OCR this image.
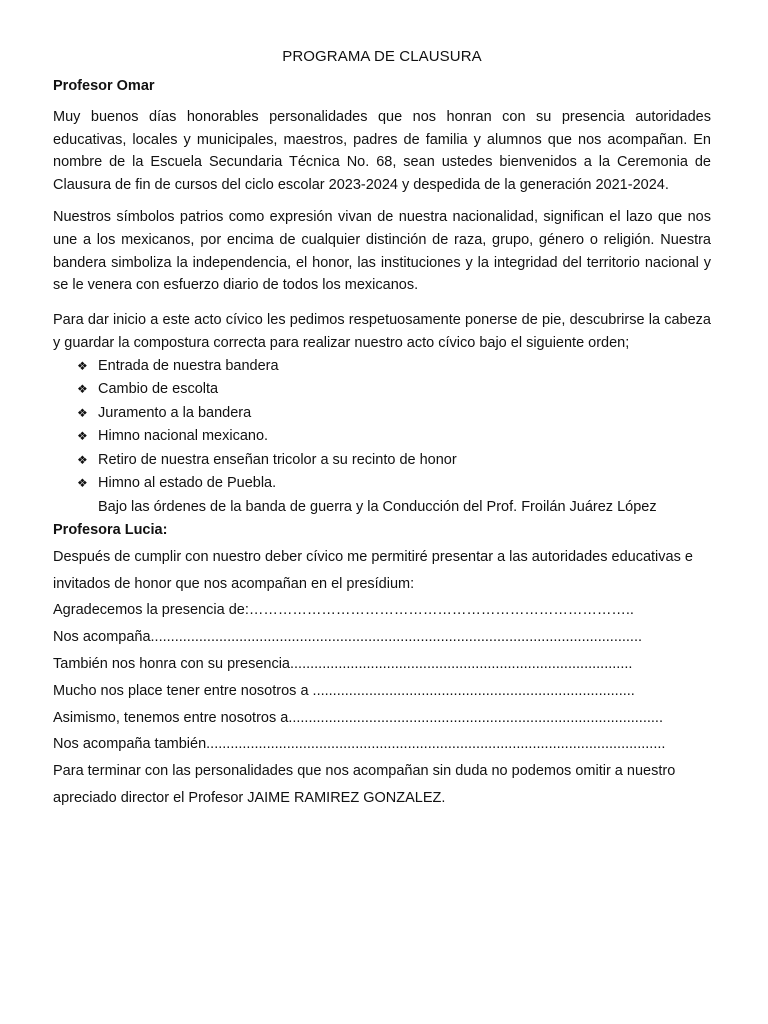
PROGRAMA DE CLAUSURA
Profesor Omar

Muy buenos días honorables personalidades que nos honran con su presencia autoridades educativas, locales y municipales, maestros, padres de familia y alumnos que nos acompañan. En nombre de la Escuela Secundaria Técnica No. 68, sean ustedes bienvenidos a la Ceremonia de Clausura de fin de cursos del ciclo escolar 2023-2024 y despedida de la generación 2021-2024.

Nuestros símbolos patrios como expresión vivan de nuestra nacionalidad, significan el lazo que nos une a los mexicanos, por encima de cualquier distinción de raza, grupo, género o religión. Nuestra bandera simboliza la independencia, el honor, las instituciones y la integridad del territorio nacional y se le venera con esfuerzo diario de todos los mexicanos.

Para dar inicio a este acto cívico les pedimos respetuosamente ponerse de pie, descubrirse la cabeza y guardar la compostura correcta para realizar nuestro acto cívico bajo el siguiente orden;

❖ Entrada de nuestra bandera
❖ Cambio de escolta
❖ Juramento a la bandera
❖ Himno nacional mexicano.
❖ Retiro de nuestra enseñan tricolor a su recinto de honor
❖ Himno al estado de Puebla.
Bajo las órdenes de la banda de guerra y la Conducción del Prof. Froilán Juárez López
Profesora Lucia:

Después de cumplir con nuestro deber cívico me permitiré presentar a las autoridades educativas e invitados de honor que nos acompañan en el presídium:

Agradecemos la presencia de:……………………………………………………………………..

Nos acompaña..........................................................................................................................

También nos honra con su presencia.....................................................................................

Mucho nos place tener entre nosotros a ................................................................................

Asimismo, tenemos entre nosotros a.............................................................................................

Nos acompaña también..................................................................................................................

Para terminar con las personalidades que nos acompañan sin duda no podemos omitir a nuestro apreciado director el Profesor JAIME RAMIREZ GONZALEZ.
